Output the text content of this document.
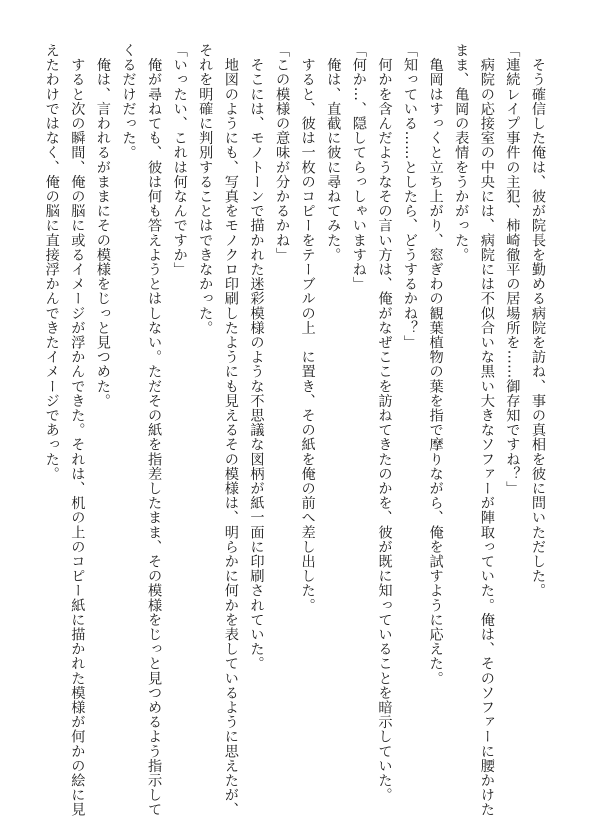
　そう確信した俺は、彼が院長を勤める病院を訪ね、事の真相を彼に問いただした。

「連続レイプ事件の主犯、柿崎徹平の居場所を……御存知ですね？」

　病院の応接室の中央には、病院には不似合いな黒い大きなソファーが陣取っていた。俺は、そのソファーに腰かけた

まま、亀岡の表情をうかがった。

　亀岡はすっくと立ち上がり、窓ぎわの観葉植物の葉を指で摩りながら、俺を試すように応えた。

「知っている……としたら、どうするかね？」

　何かを含んだようなその言い方は、俺がなぜここを訪ねてきたのかを、彼が既に知っていることを暗示していた。

「何か…、隠してらっしゃいますね」

　俺は、直截に彼に尋ねてみた。

　すると、彼は一枚のコピーをテーブルの上　に置き、その紙を俺の前へ差し出した。

「この模様の意味が分かるかね」

　そこには、モノトーンで描かれた迷彩模様のような不思議な図柄が紙一面に印刷されていた。

　地図のようにも、写真をモノクロ印刷したようにも見えるその模様は、明らかに何かを表しているように思えたが、

それを明確に判別することはできなかった。

「いったい、これは何なんですか」

　俺が尋ねても、彼は何も答えようとはしない。ただその紙を指差したまま、その模様をじっと見つめるよう指示して

くるだけだった。

　俺は、言われるがままにその模様をじっと見つめた。

　すると次の瞬間、俺の脳に或るイメージが浮かんできた。それは、机の上のコピー紙に描かれた模様が何かの絵に見

えたわけではなく、俺の脳に直接浮かんできたイメージであった。
